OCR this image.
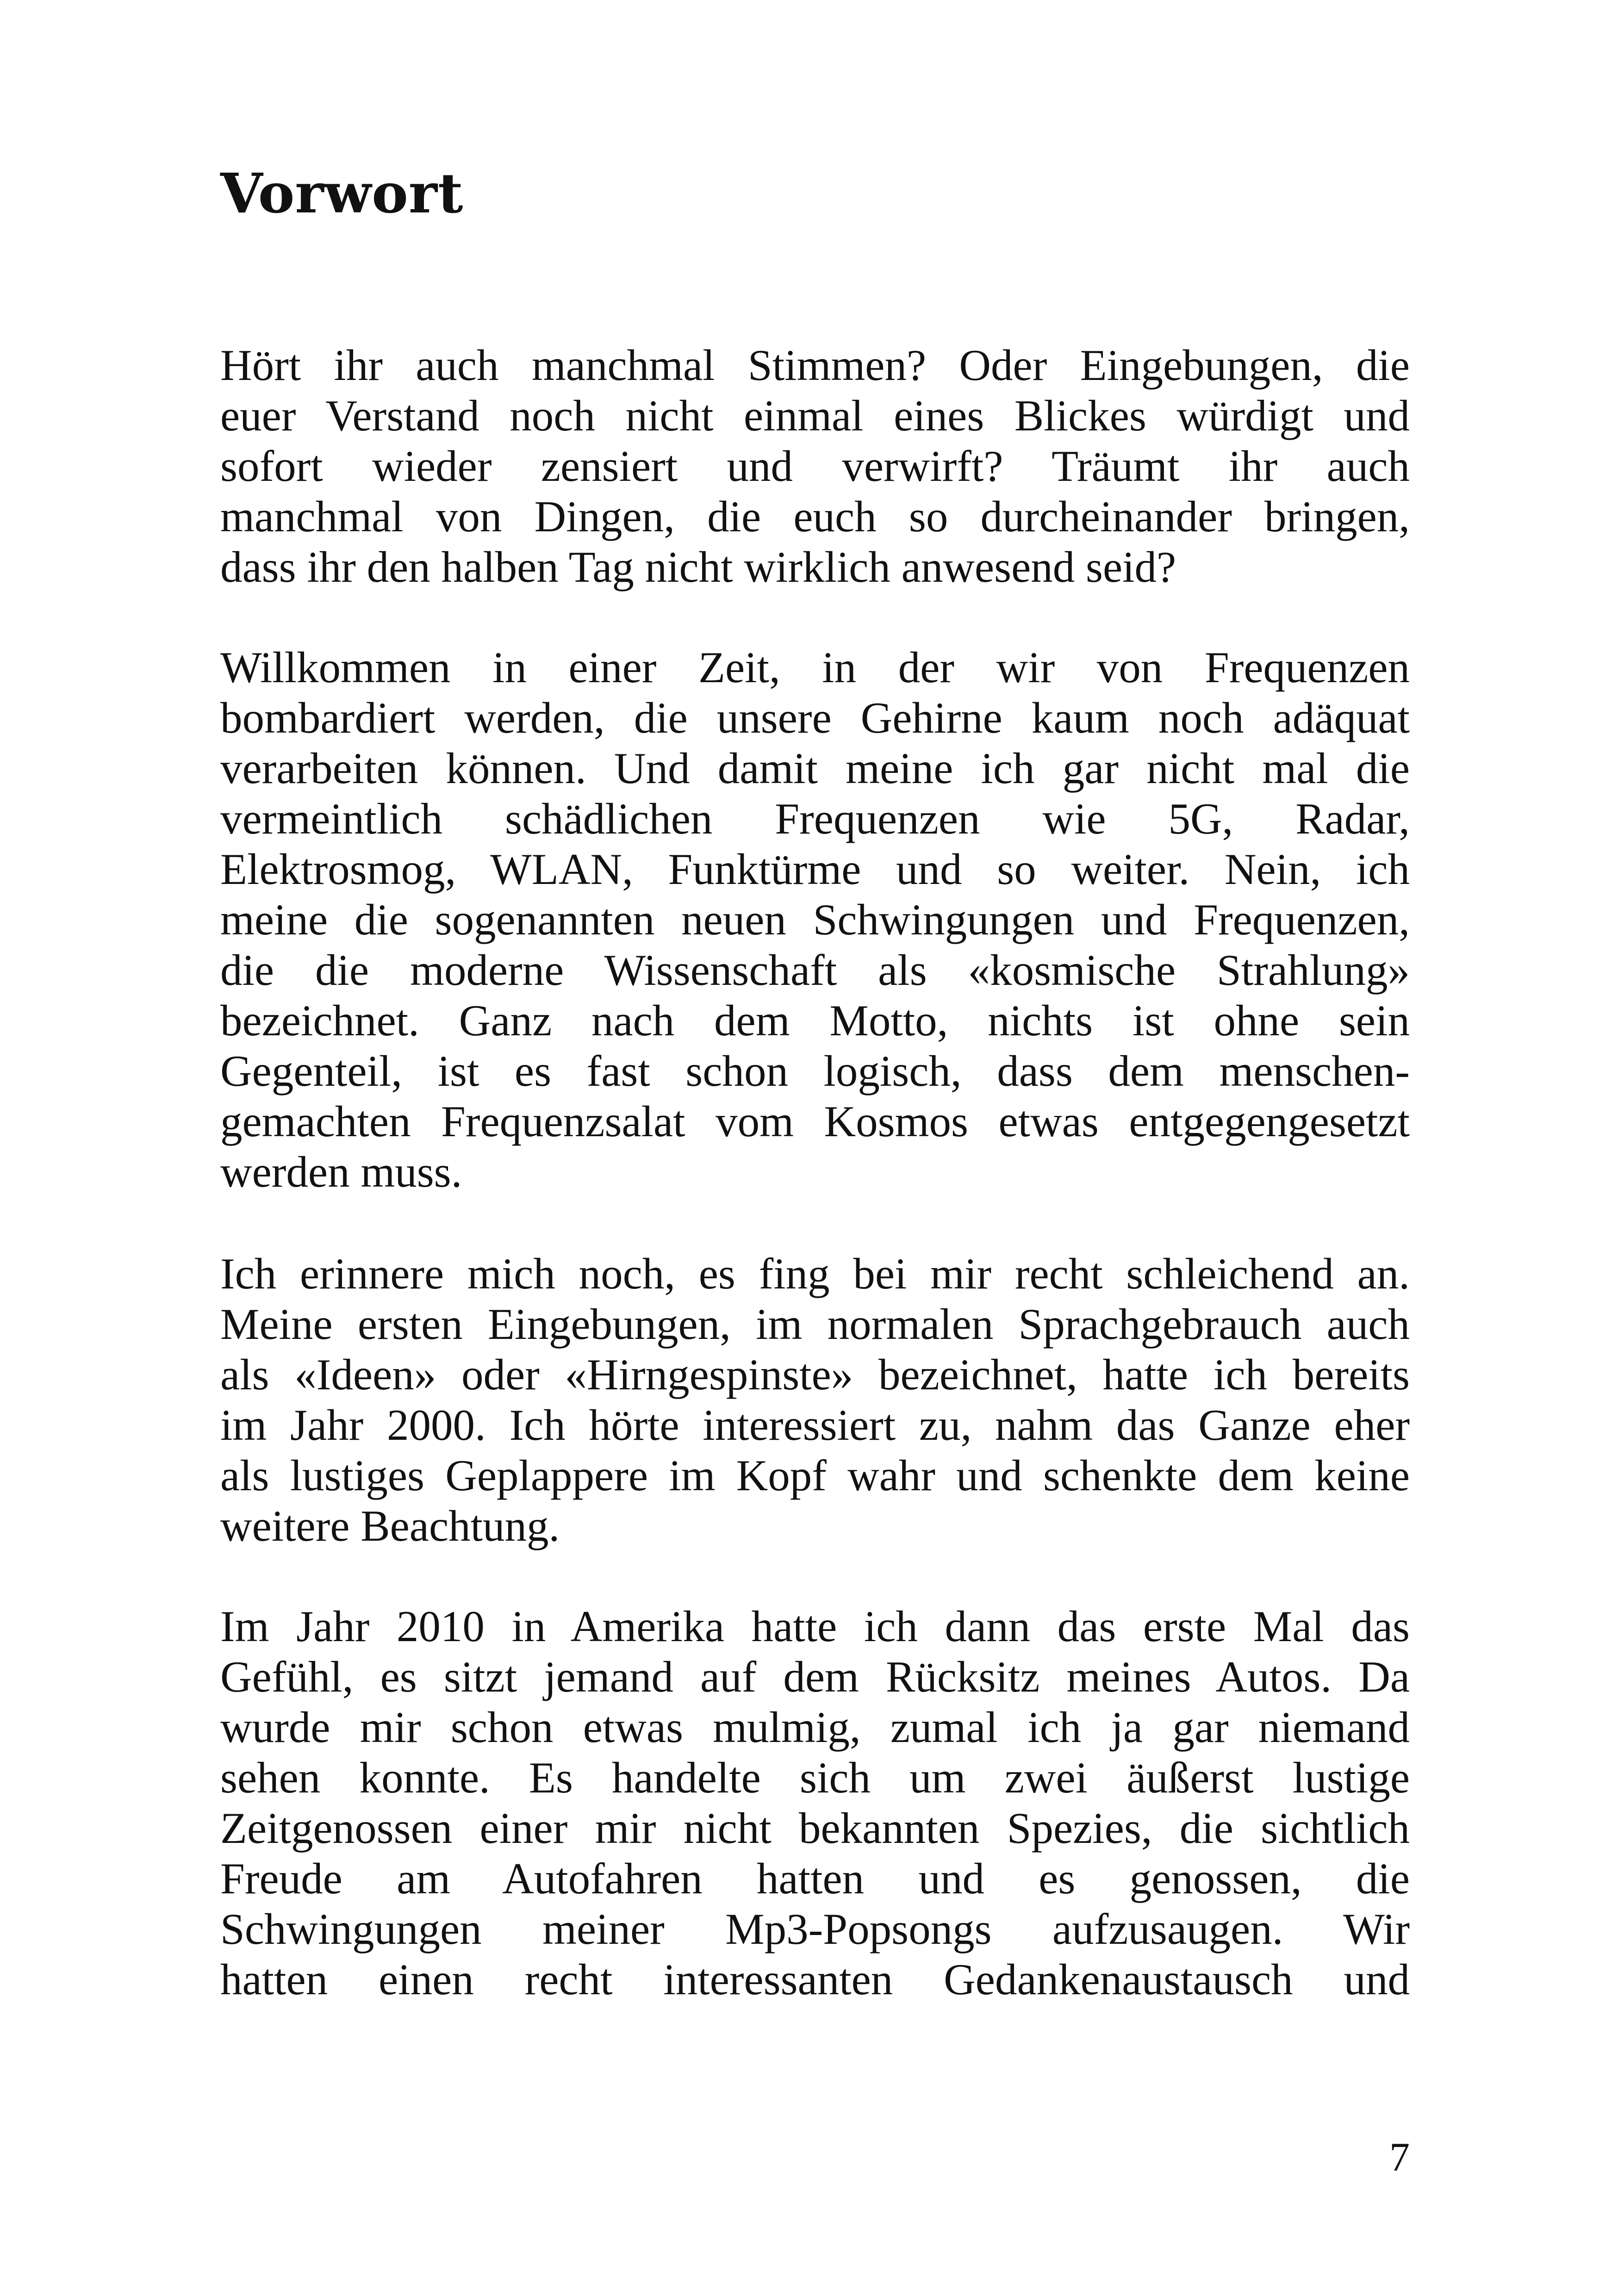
Vorwort
Hört ihr auch manchmal Stimmen? Oder Eingebungen, die
euer Verstand noch nicht einmal eines Blickes würdigt und
sofort wieder zensiert und verwirft? Träumt ihr auch
manchmal von Dingen, die euch so durcheinander bringen,
dass ihr den halben Tag nicht wirklich anwesend seid?
Willkommen in einer Zeit, in der wir von Frequenzen
bombardiert werden, die unsere Gehirne kaum noch adäquat
verarbeiten können. Und damit meine ich gar nicht mal die
vermeintlich schädlichen Frequenzen wie 5G, Radar,
Elektrosmog, WLAN, Funktürme und so weiter. Nein, ich
meine die sogenannten neuen Schwingungen und Frequenzen,
die die moderne Wissenschaft als «kosmische Strahlung»
bezeichnet. Ganz nach dem Motto, nichts ist ohne sein
Gegenteil, ist es fast schon logisch, dass dem menschen-
gemachten Frequenzsalat vom Kosmos etwas entgegengesetzt
werden muss.
Ich erinnere mich noch, es fing bei mir recht schleichend an.
Meine ersten Eingebungen, im normalen Sprachgebrauch auch
als «Ideen» oder «Hirngespinste» bezeichnet, hatte ich bereits
im Jahr 2000. Ich hörte interessiert zu, nahm das Ganze eher
als lustiges Geplappere im Kopf wahr und schenkte dem keine
weitere Beachtung.
Im Jahr 2010 in Amerika hatte ich dann das erste Mal das
Gefühl, es sitzt jemand auf dem Rücksitz meines Autos. Da
wurde mir schon etwas mulmig, zumal ich ja gar niemand
sehen konnte. Es handelte sich um zwei äußerst lustige
Zeitgenossen einer mir nicht bekannten Spezies, die sichtlich
Freude am Autofahren hatten und es genossen, die
Schwingungen meiner Mp3-Popsongs aufzusaugen. Wir
hatten einen recht interessanten Gedankenaustausch und
7
